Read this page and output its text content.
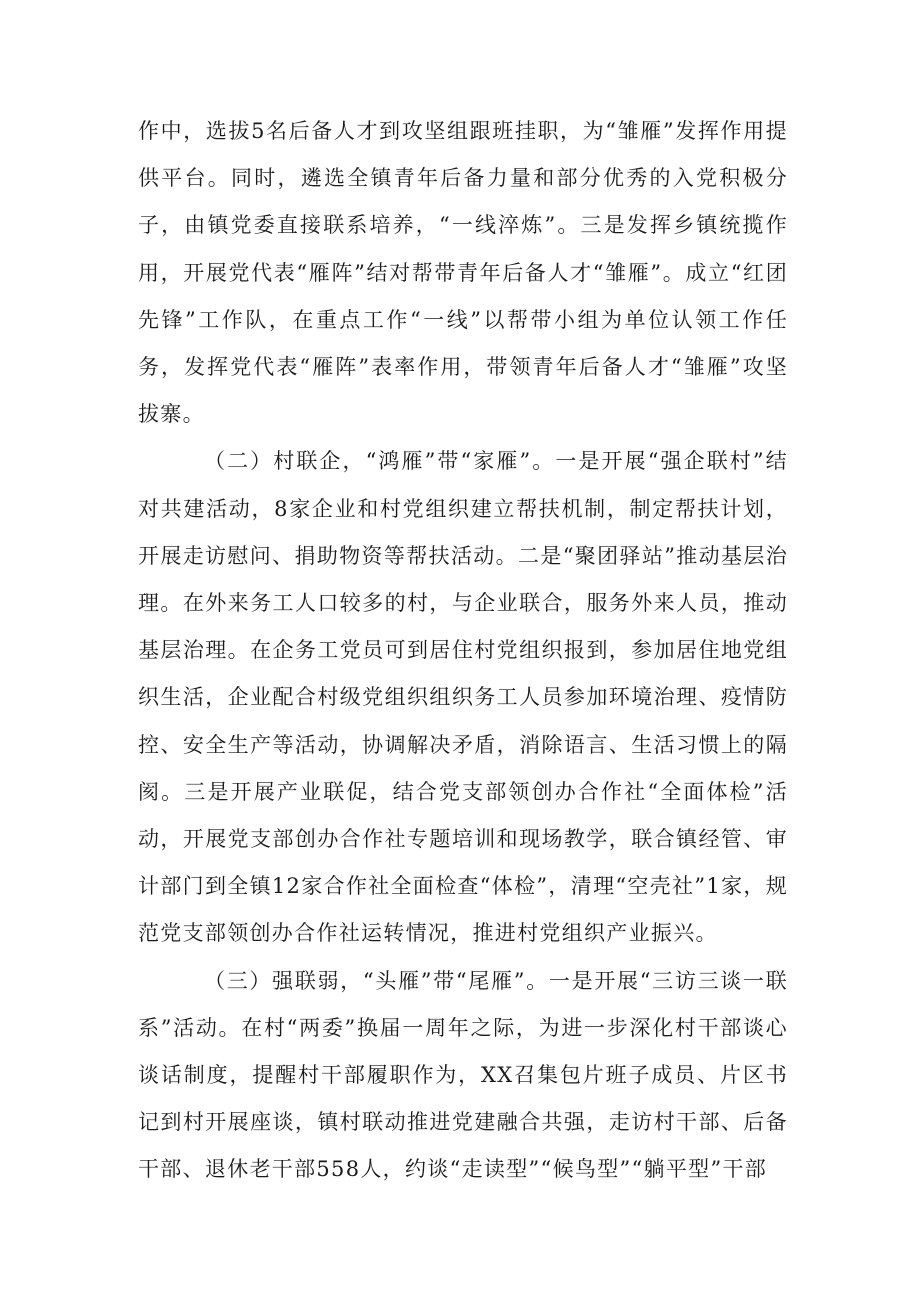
作中，选拔5名后备人才到攻坚组跟班挂职，为“雏雁”发挥作用提供平台。同时，遴选全镇青年后备力量和部分优秀的入党积极分子，由镇党委直接联系培养，“一线淬炼”。三是发挥乡镇统揽作用，开展党代表“雁阵”结对帮带青年后备人才“雏雁”。成立“红团先锋”工作队，在重点工作“一线”以帮带小组为单位认领工作任务，发挥党代表“雁阵”表率作用，带领青年后备人才“雏雁”攻坚拔寨。

（二）村联企，“鸿雁”带“家雁”。一是开展“强企联村”结对共建活动，8家企业和村党组织建立帮扶机制，制定帮扶计划，开展走访慰问、捐助物资等帮扶活动。二是“聚团驿站”推动基层治理。在外来务工人口较多的村，与企业联合，服务外来人员，推动基层治理。在企务工党员可到居住村党组织报到，参加居住地党组织生活，企业配合村级党组织组织务工人员参加环境治理、疫情防控、安全生产等活动，协调解决矛盾，消除语言、生活习惯上的隔阂。三是开展产业联促，结合党支部领创办合作社“全面体检”活动，开展党支部创办合作社专题培训和现场教学，联合镇经管、审计部门到全镇12家合作社全面检查“体检”，清理“空壳社”1家，规范党支部领创办合作社运转情况，推进村党组织产业振兴。

（三）强联弱，“头雁”带“尾雁”。一是开展“三访三谈一联系”活动。在村“两委”换届一周年之际，为进一步深化村干部谈心谈话制度，提醒村干部履职作为，XX召集包片班子成员、片区书记到村开展座谈，镇村联动推进党建融合共强，走访村干部、后备干部、退休老干部558人，约谈“走读型”“候鸟型”“躺平型”干部
